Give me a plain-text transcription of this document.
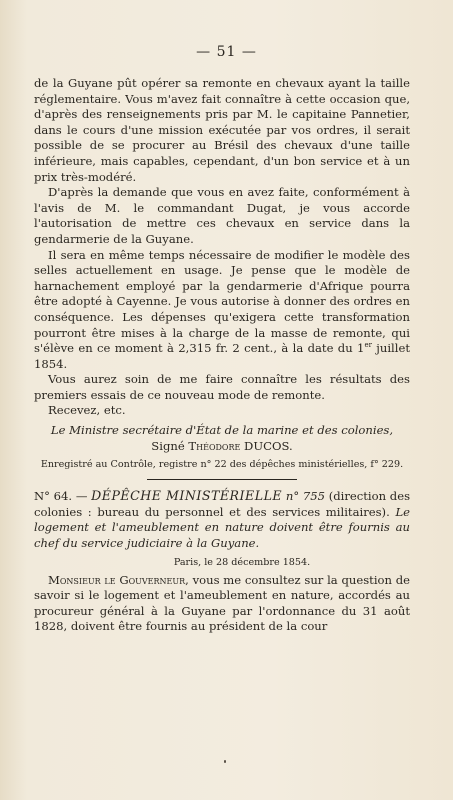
— 51 —

de la Guyane pût opérer sa remonte en chevaux ayant la taille réglementaire. Vous m'avez fait connaître à cette occasion que, d'après des renseignements pris par M. le capitaine Pannetier, dans le cours d'une mission exécutée par vos ordres, il serait possible de se procurer au Brésil des chevaux d'une taille inférieure, mais capables, cependant, d'un bon service et à un prix très-modéré.

D'après la demande que vous en avez faite, conformément à l'avis de M. le commandant Dugat, je vous accorde l'autorisation de mettre ces chevaux en service dans la gendarmerie de la Guyane.

Il sera en même temps nécessaire de modifier le modèle des selles actuellement en usage. Je pense que le modèle de harnachement employé par la gendarmerie d'Afrique pourra être adopté à Cayenne. Je vous autorise à donner des ordres en conséquence. Les dépenses qu'exigera cette transformation pourront être mises à la charge de la masse de remonte, qui s'élève en ce moment à 2,315 fr. 2 cent., à la date du 1er juillet 1854.

Vous aurez soin de me faire connaître les résultats des premiers essais de ce nouveau mode de remonte.

Recevez, etc.

Le Ministre secrétaire d'État de la marine et des colonies,

Signé Théodore DUCOS.

Enregistré au Contrôle, registre n° 22 des dépêches ministérielles, f° 229.

N° 64. — DÉPÊCHE MINISTÉRIELLE n° 755 (direction des colonies : bureau du personnel et des services militaires). Le logement et l'ameublement en nature doivent être fournis au chef du service judiciaire à la Guyane.

Paris, le 28 décembre 1854.

Monsieur le Gouverneur, vous me consultez sur la question de savoir si le logement et l'ameublement en nature, accordés au procureur général à la Guyane par l'ordonnance du 31 août 1828, doivent être fournis au président de la cour
